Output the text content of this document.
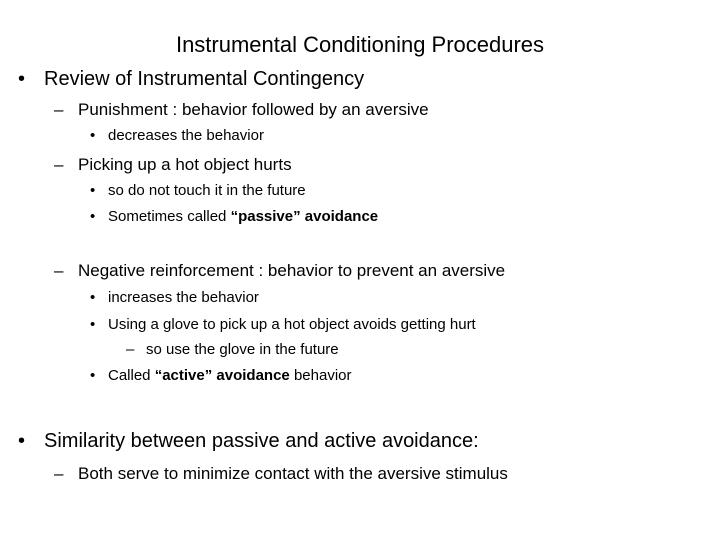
Instrumental Conditioning Procedures
• Review of Instrumental Contingency
– Punishment : behavior followed by an aversive
• decreases the behavior
– Picking up a hot object hurts
• so do not touch it in the future
• Sometimes called “passive” avoidance
– Negative reinforcement : behavior to prevent an aversive
• increases the behavior
• Using a glove to pick up a hot object avoids getting hurt
– so use the glove in the future
• Called “active” avoidance behavior
• Similarity between passive and active avoidance:
– Both serve to minimize contact with the aversive stimulus
